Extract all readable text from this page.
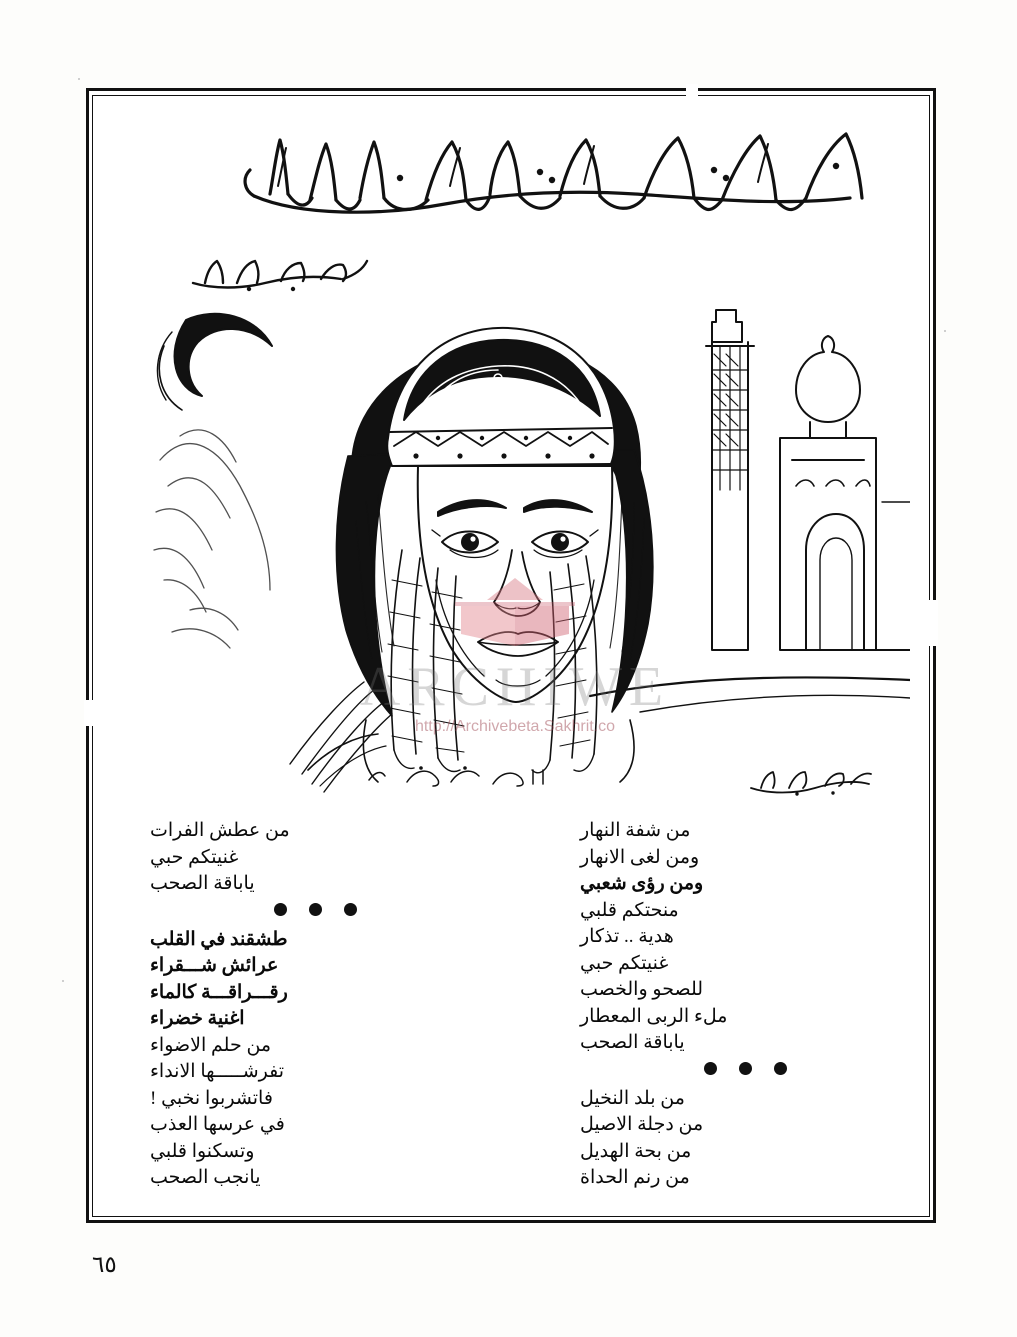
ARCHIWE
http://Archivebeta.Sakhrit.co
من شفة النهار
ومن لغى الانهار
ومن رؤى شعبي
منحتكم قلبي
هدية .. تذكار
غنيتكم حبي
للصحو والخصب
ملء الربى المعطار
ياباقة الصحب

من بلد النخيل
من دجلة الاصيل
من بحة الهديل
من رنم الحداة
من عطش الفرات
غنيتكم حبي
ياباقة الصحب

طشقند في القلب
عرائش شـــقراء
رقـــراقـــة كالماء
اغنية خضراء
من حلم الاضواء
تفرشـــــها الانداء
فاتشربوا نخبي !
في عرسها العذب
وتسكنوا قلبي
يانجب الصحب
٦٥
